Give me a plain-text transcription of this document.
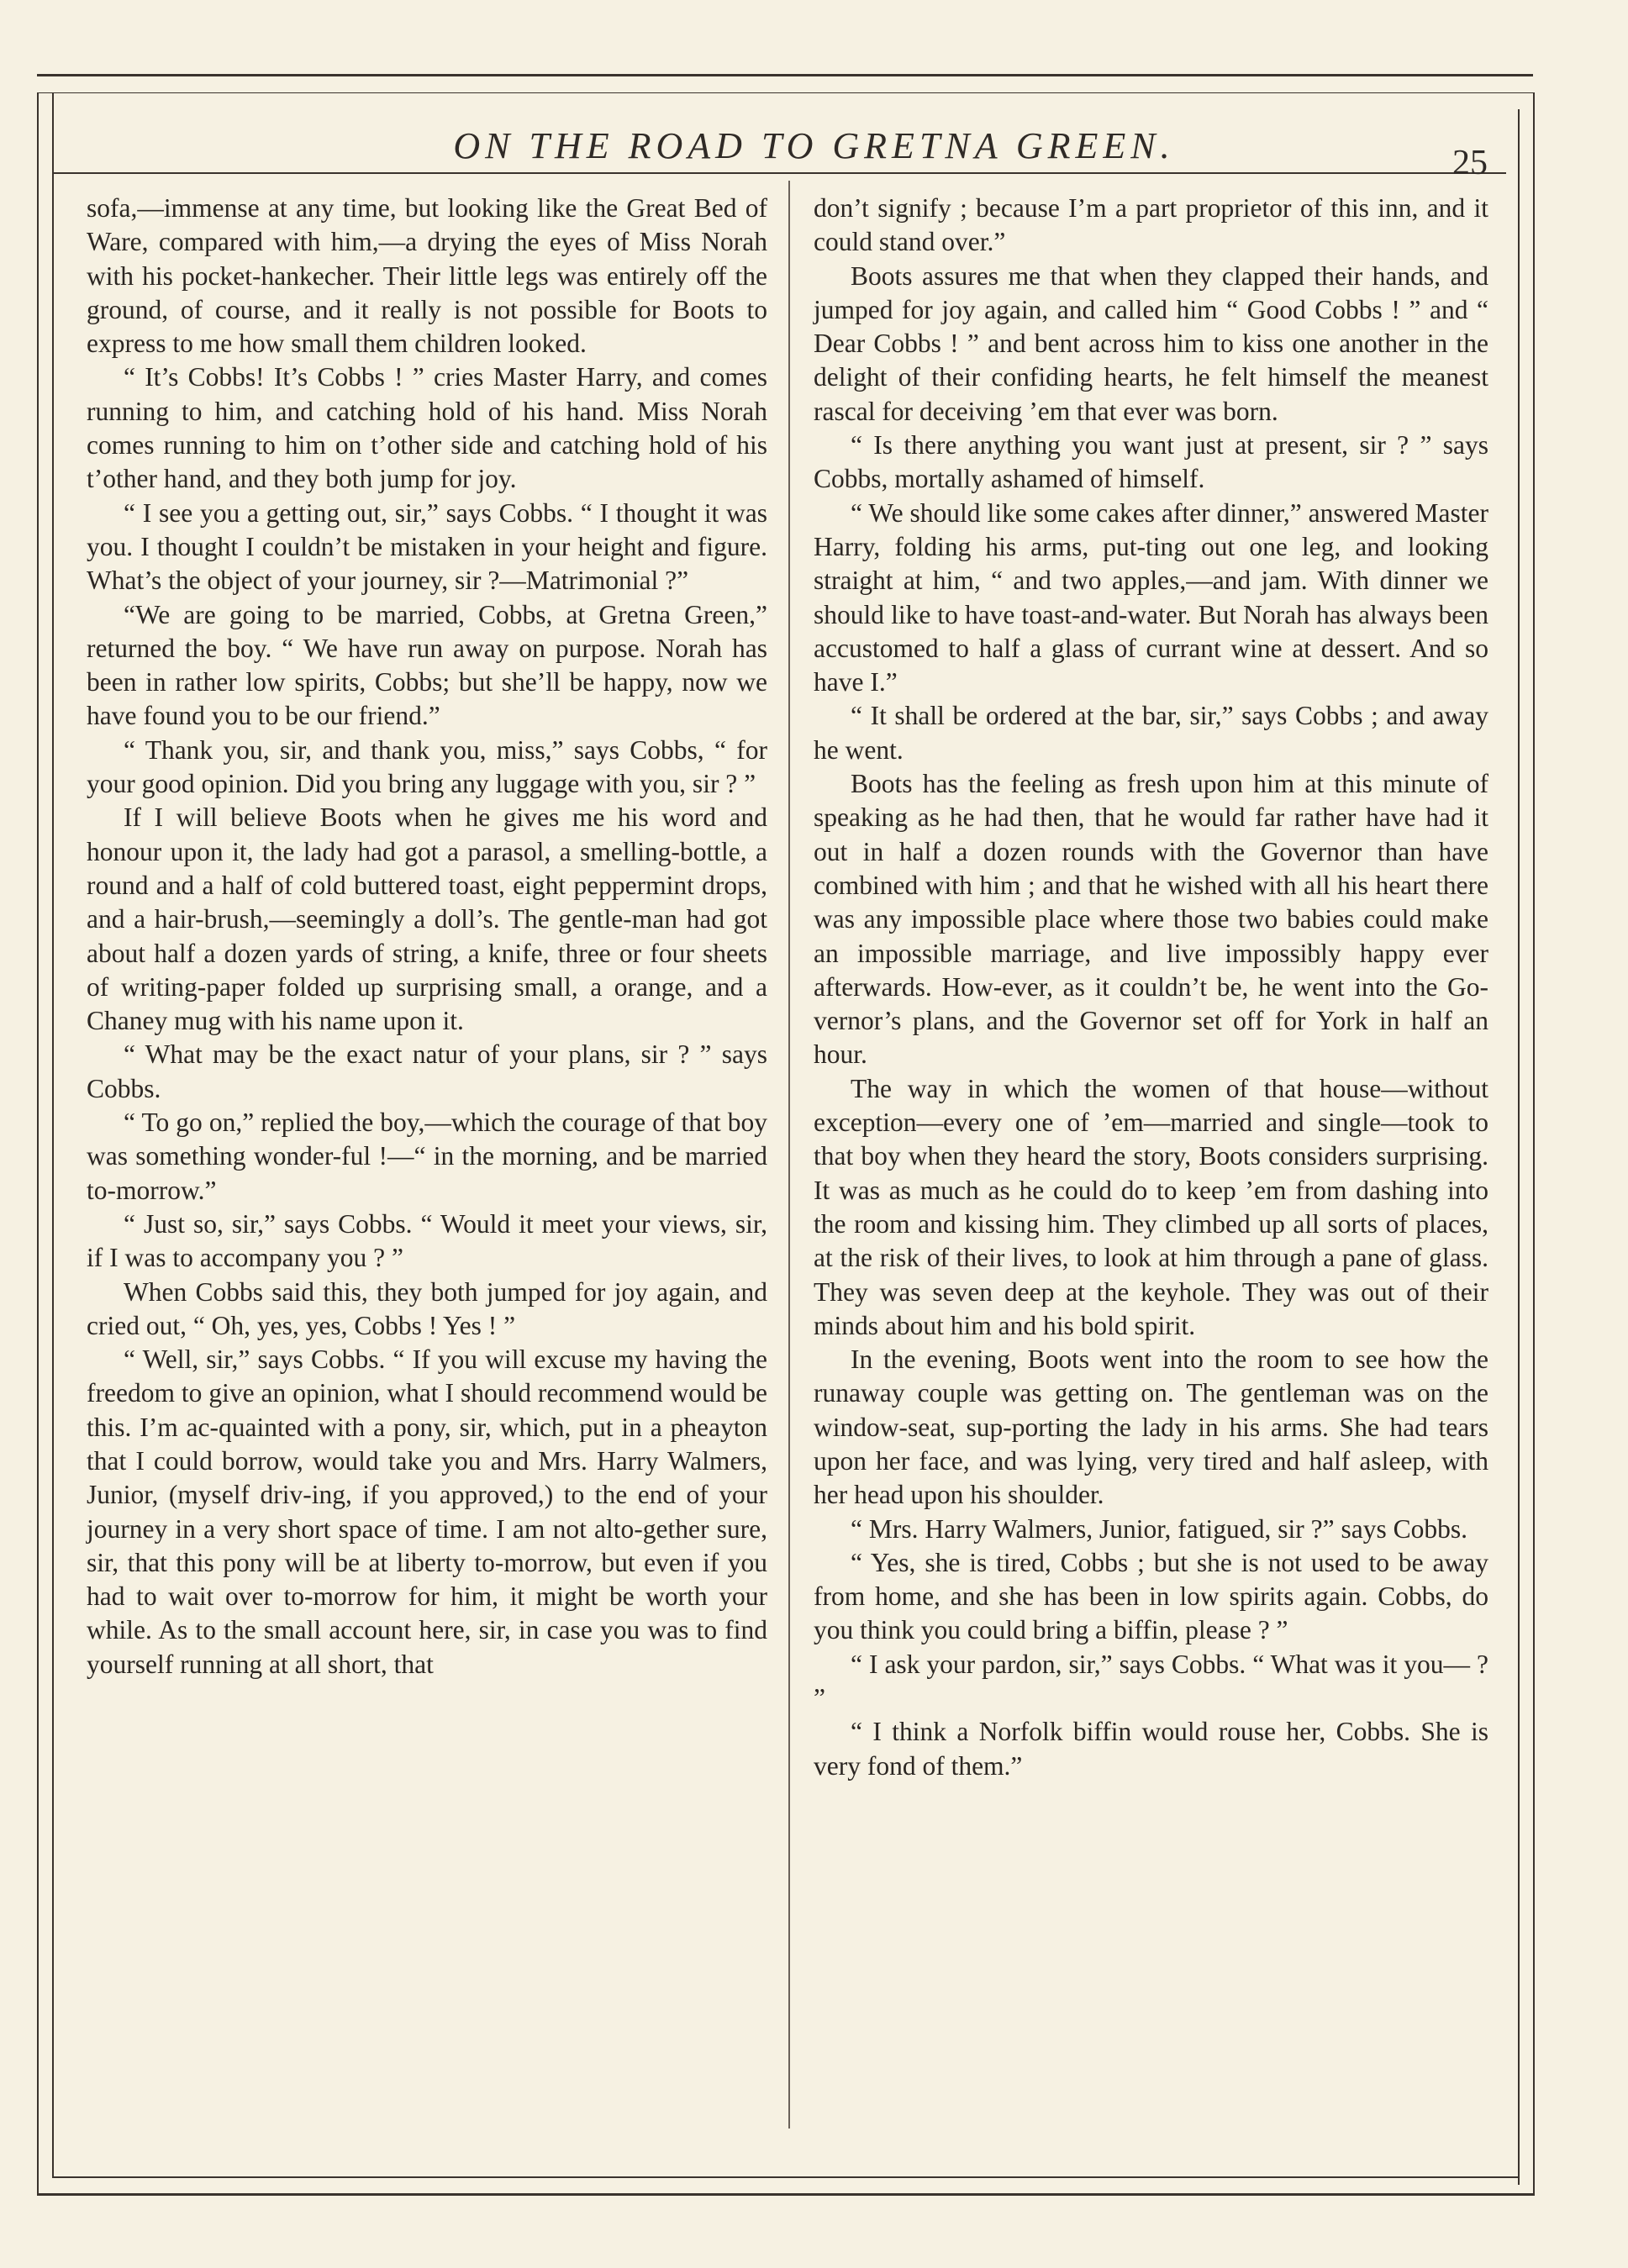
ON THE ROAD TO GRETNA GREEN.	25

sofa,—immense at any time, but looking like the Great Bed of Ware, compared with him,—a drying the eyes of Miss Norah with his pocket-hankecher. Their little legs was entirely off the ground, of course, and it really is not possible for Boots to express to me how small them children looked.

“ It’s Cobbs! It’s Cobbs ! ” cries Master Harry, and comes running to him, and catching hold of his hand. Miss Norah comes running to him on t’other side and catching hold of his t’other hand, and they both jump for joy.

“ I see you a getting out, sir,” says Cobbs. “ I thought it was you. I thought I couldn’t be mistaken in your height and figure. What’s the object of your journey, sir ?—Matrimonial ?”

“We are going to be married, Cobbs, at Gretna Green,” returned the boy. “ We have run away on purpose. Norah has been in rather low spirits, Cobbs; but she’ll be happy, now we have found you to be our friend.”

“ Thank you, sir, and thank you, miss,” says Cobbs, “ for your good opinion. Did you bring any luggage with you, sir ? ”

If I will believe Boots when he gives me his word and honour upon it, the lady had got a parasol, a smelling-bottle, a round and a half of cold buttered toast, eight peppermint drops, and a hair-brush,—seemingly a doll’s. The gentle-man had got about half a dozen yards of string, a knife, three or four sheets of writing-paper folded up surprising small, a orange, and a Chaney mug with his name upon it.

“ What may be the exact natur of your plans, sir ? ” says Cobbs.

“ To go on,” replied the boy,—which the courage of that boy was something wonder-ful !—“ in the morning, and be married to-morrow.”

“ Just so, sir,” says Cobbs. “ Would it meet your views, sir, if I was to accompany you ? ”

When Cobbs said this, they both jumped for joy again, and cried out, “ Oh, yes, yes, Cobbs ! Yes ! ”

“ Well, sir,” says Cobbs. “ If you will excuse my having the freedom to give an opinion, what I should recommend would be this. I’m ac-quainted with a pony, sir, which, put in a pheayton that I could borrow, would take you and Mrs. Harry Walmers, Junior, (myself driv-ing, if you approved,) to the end of your journey in a very short space of time. I am not alto-gether sure, sir, that this pony will be at liberty to-morrow, but even if you had to wait over to-morrow for him, it might be worth your while. As to the small account here, sir, in case you was to find yourself running at all short, that

don’t signify ; because I’m a part proprietor of this inn, and it could stand over.”

Boots assures me that when they clapped their hands, and jumped for joy again, and called him “ Good Cobbs ! ” and “ Dear Cobbs ! ” and bent across him to kiss one another in the delight of their confiding hearts, he felt himself the meanest rascal for deceiving ’em that ever was born.

“ Is there anything you want just at present, sir ? ” says Cobbs, mortally ashamed of himself.

“ We should like some cakes after dinner,” answered Master Harry, folding his arms, put-ting out one leg, and looking straight at him, “ and two apples,—and jam. With dinner we should like to have toast-and-water. But Norah has always been accustomed to half a glass of currant wine at dessert. And so have I.”

“ It shall be ordered at the bar, sir,” says Cobbs ; and away he went.

Boots has the feeling as fresh upon him at this minute of speaking as he had then, that he would far rather have had it out in half a dozen rounds with the Governor than have combined with him ; and that he wished with all his heart there was any impossible place where those two babies could make an impossible marriage, and live impossibly happy ever afterwards. How-ever, as it couldn’t be, he went into the Go-vernor’s plans, and the Governor set off for York in half an hour.

The way in which the women of that house—without exception—every one of ’em—married and single—took to that boy when they heard the story, Boots considers surprising. It was as much as he could do to keep ’em from dashing into the room and kissing him. They climbed up all sorts of places, at the risk of their lives, to look at him through a pane of glass. They was seven deep at the keyhole. They was out of their minds about him and his bold spirit.

In the evening, Boots went into the room to see how the runaway couple was getting on. The gentleman was on the window-seat, sup-porting the lady in his arms. She had tears upon her face, and was lying, very tired and half asleep, with her head upon his shoulder.

“ Mrs. Harry Walmers, Junior, fatigued, sir ?” says Cobbs.

“ Yes, she is tired, Cobbs ; but she is not used to be away from home, and she has been in low spirits again. Cobbs, do you think you could bring a biffin, please ? ”

“ I ask your pardon, sir,” says Cobbs. “ What was it you— ? ”

“ I think a Norfolk biffin would rouse her, Cobbs. She is very fond of them.”
